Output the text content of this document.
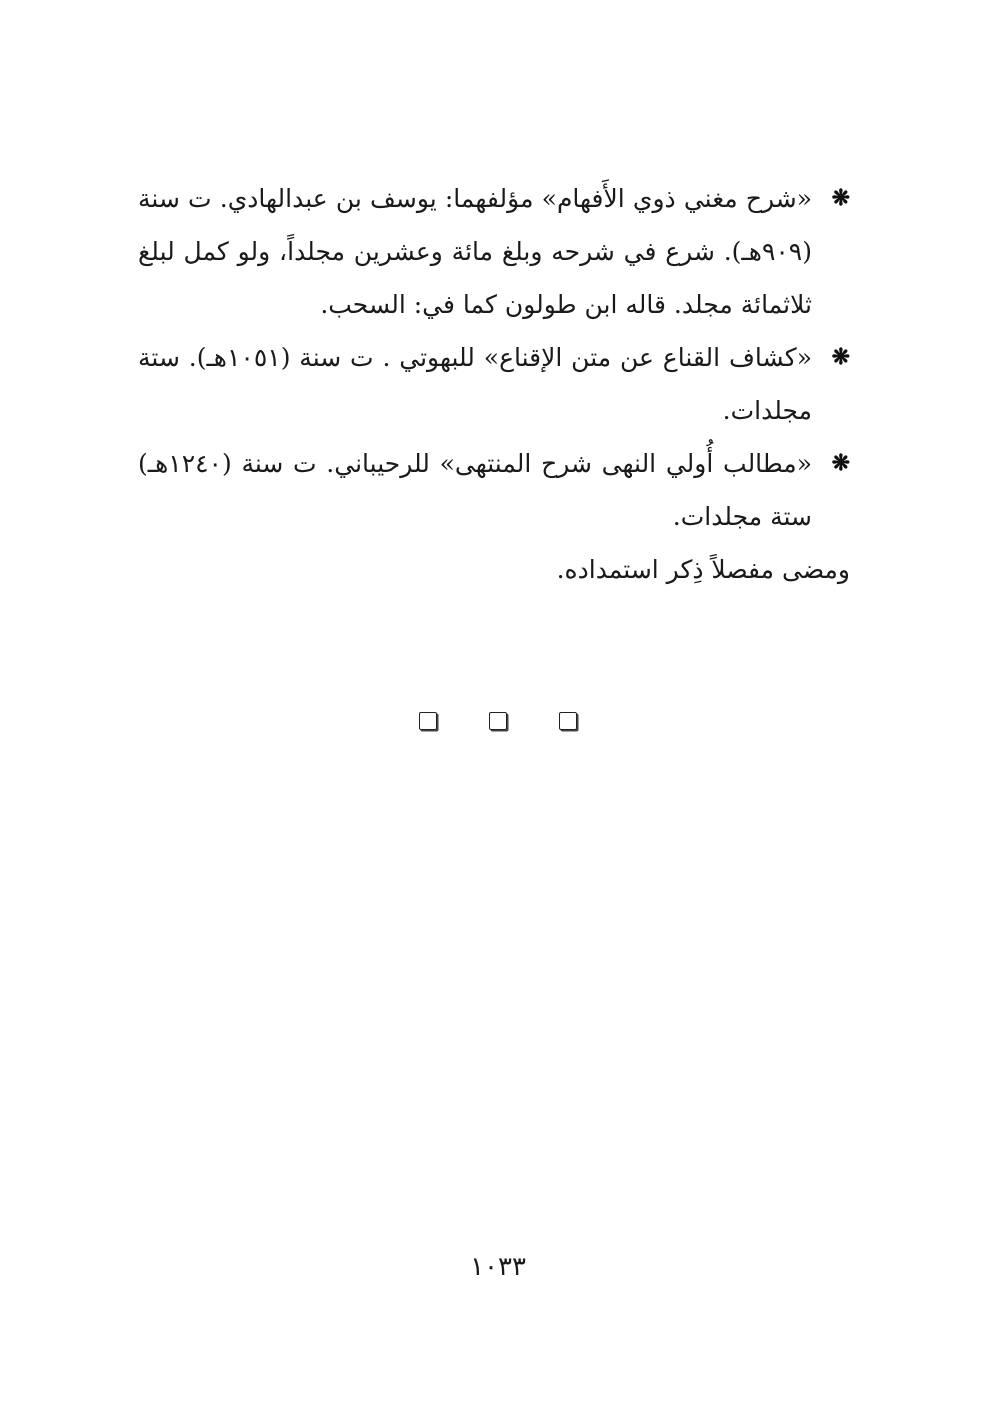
❋
«شرح مغني ذوي الأَفهام» مؤلفهما: يوسف بن عبدالهادي. ت سنة (٩٠٩هـ). شرع في شرحه وبلغ مائة وعشرين مجلداً، ولو كمل لبلغ ثلاثمائة مجلد. قاله ابن طولون كما في: السحب.
❋
«كشاف القناع عن متن الإقناع» للبهوتي . ت سنة (١٠٥١هـ). ستة مجلدات.
❋
«مطالب أُولي النهى شرح المنتهى» للرحيباني. ت سنة (١٢٤٠هـ) ستة مجلدات.
ومضى مفصلاً ذِكر استمداده.
١٠٣٣
